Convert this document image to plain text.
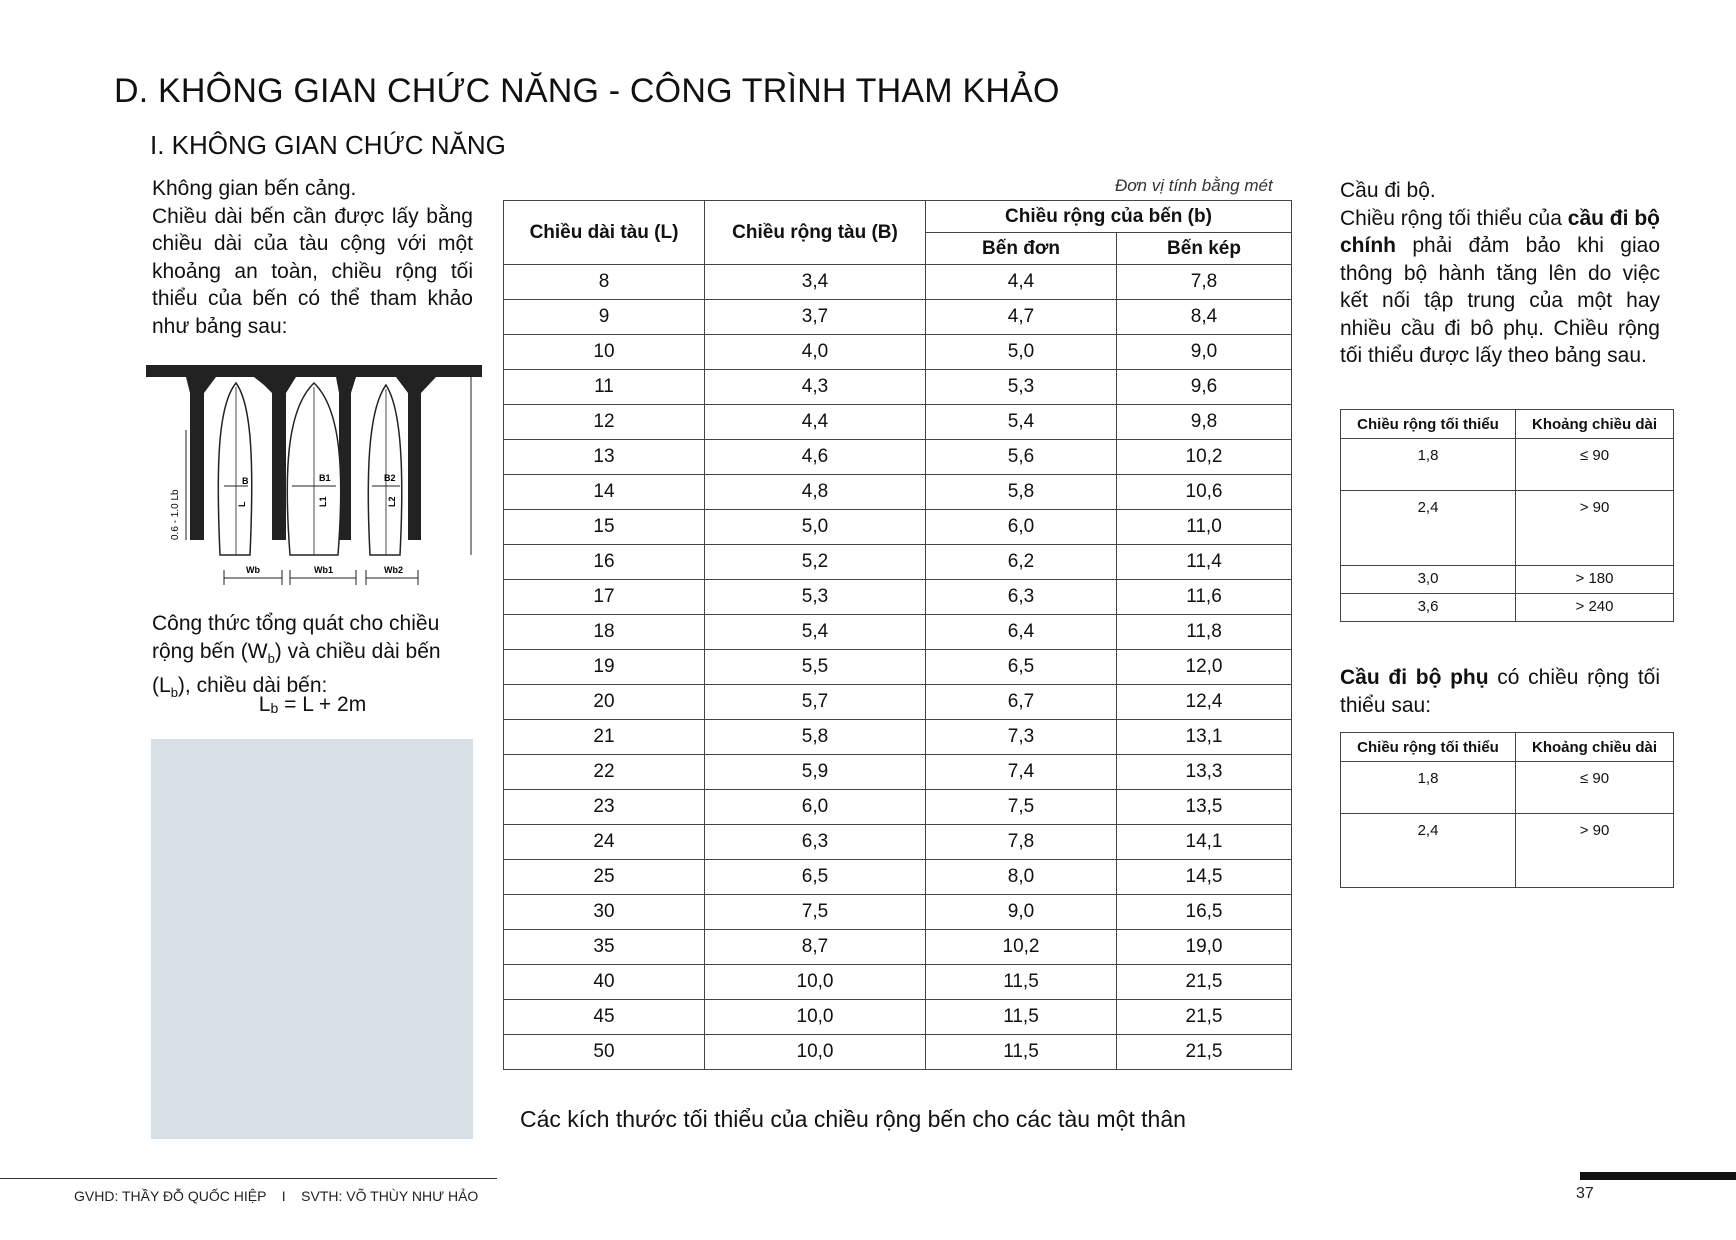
D. KHÔNG GIAN CHỨC NĂNG - CÔNG TRÌNH THAM KHẢO
I. KHÔNG GIAN CHỨC NĂNG
Không gian bến cảng.
Chiều dài bến cần được lấy bằng chiều dài của tàu cộng với một khoảng an toàn, chiều rộng tối thiểu của bến có thể tham khảo như bảng sau:
0.6 - 1.0 Lb
B
L
B1
L1
B2
L2
Wb	Wb1	Wb2
Công thức tổng quát cho chiều rộng bến $(W_b)$ và chiều dài bến $(L_b)$, chiều dài bến:
$L_b = L + 2m$
Đơn vị tính bằng mét
Chiều dài tàu (L)	Chiều rộng tàu (B)	Chiều rộng của bến (b)	
		Bến đơn	Bến kép
8	3,4	4,4	7,8
9	3,7	4,7	8,4
10	4,0	5,0	9,0
11	4,3	5,3	9,6
12	4,4	5,4	9,8
13	4,6	5,6	10,2
14	4,8	5,8	10,6
15	5,0	6,0	11,0
16	5,2	6,2	11,4
17	5,3	6,3	11,6
18	5,4	6,4	11,8
19	5,5	6,5	12,0
20	5,7	6,7	12,4
21	5,8	7,3	13,1
22	5,9	7,4	13,3
23	6,0	7,5	13,5
24	6,3	7,8	14,1
25	6,5	8,0	14,5
30	7,5	9,0	16,5
35	8,7	10,2	19,0
40	10,0	11,5	21,5
45	10,0	11,5	21,5
50	10,0	11,5	21,5
Các kích thước tối thiểu của chiều rộng bến cho các tàu một thân
Cầu đi bộ.
Chiều rộng tối thiểu của cầu đi bộ chính phải đảm bảo khi giao thông bộ hành tăng lên do việc kết nối tập trung của một hay nhiều cầu đi bô phụ. Chiều rộng tối thiểu được lấy theo bảng sau.
Chiều rộng tối thiểu	Khoảng chiều dài
1,8	≤ 90
2,4	> 90
3,0	> 180
3,6	> 240
Cầu đi bộ phụ có chiều rộng tối thiểu sau:
Chiều rộng tối thiểu	Khoảng chiều dài
1,8	≤ 90
2,4	> 90
GVHD: THẦY ĐỖ QUỐC HIỆP    I    SVTH: VÕ THÙY NHƯ HẢO	37
